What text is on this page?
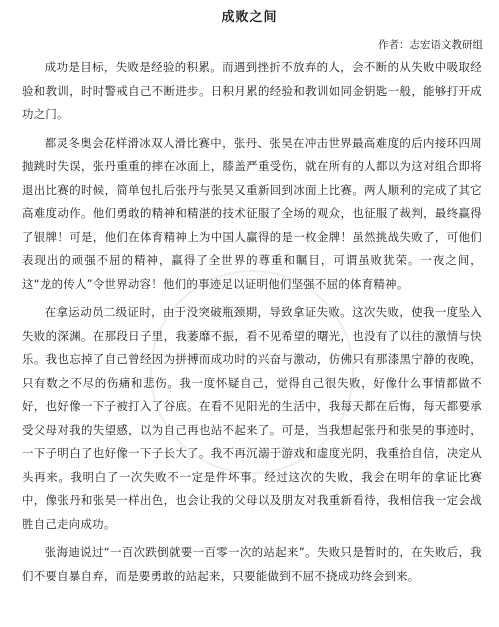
成败之间
作者：志宏语文教研组

成功是目标，失败是经验的积累。而遇到挫折不放弃的人，会不断的从失败中吸取经验和教训，时时警戒自己不断进步。日积月累的经验和教训如同金钥匙一般，能够打开成功之门。

都灵冬奥会花样滑冰双人滑比赛中，张丹、张昊在冲击世界最高难度的后内接环四周抛跳时失误，张丹重重的摔在冰面上，膝盖严重受伤，就在所有的人都以为这对组合即将退出比赛的时候，简单包扎后张丹与张昊又重新回到冰面上比赛。两人顺利的完成了其它高难度动作。他们勇敢的精神和精湛的技术征服了全场的观众，也征服了裁判，最终赢得了银牌！可是，他们在体育精神上为中国人赢得的是一枚金牌！虽然挑战失败了，可他们表现出的顽强不屈的精神，赢得了全世界的尊重和瞩目，可谓虽败犹荣。一夜之间，这“龙的传人”令世界动容！他们的事迹足以证明他们坚强不屈的体育精神。

在拿运动员二级证时，由于没突破瓶颈期，导致拿证失败。这次失败，使我一度坠入失败的深渊。在那段日子里，我萎靡不振，看不见希望的曙光，也没有了以往的激情与快乐。我也忘掉了自己曾经因为拼搏而成功时的兴奋与激动，仿佛只有那漆黑宁静的夜晚，只有数之不尽的伤痛和悲伤。我一度怀疑自己，觉得自己很失败，好像什么事情都做不好，也好像一下子被打入了谷底。在看不见阳光的生活中，我每天都在后悔，每天都要承受父母对我的失望感，以为自己再也站不起来了。可是，当我想起张丹和张昊的事迹时，一下子明白了也好像一下子长大了。我不再沉溺于游戏和虚度光阴，我重拾自信，决定从头再来。我明白了一次失败不一定是件坏事。经过这次的失败，我会在明年的拿证比赛中，像张丹和张昊一样出色，也会让我的父母以及朋友对我重新看待，我相信我一定会战胜自己走向成功。

张海迪说过“一百次跌倒就要一百零一次的站起来”。失败只是暂时的，在失败后，我们不要自暴自弃，而是要勇敢的站起来，只要能做到不屈不挠成功终会到来。
